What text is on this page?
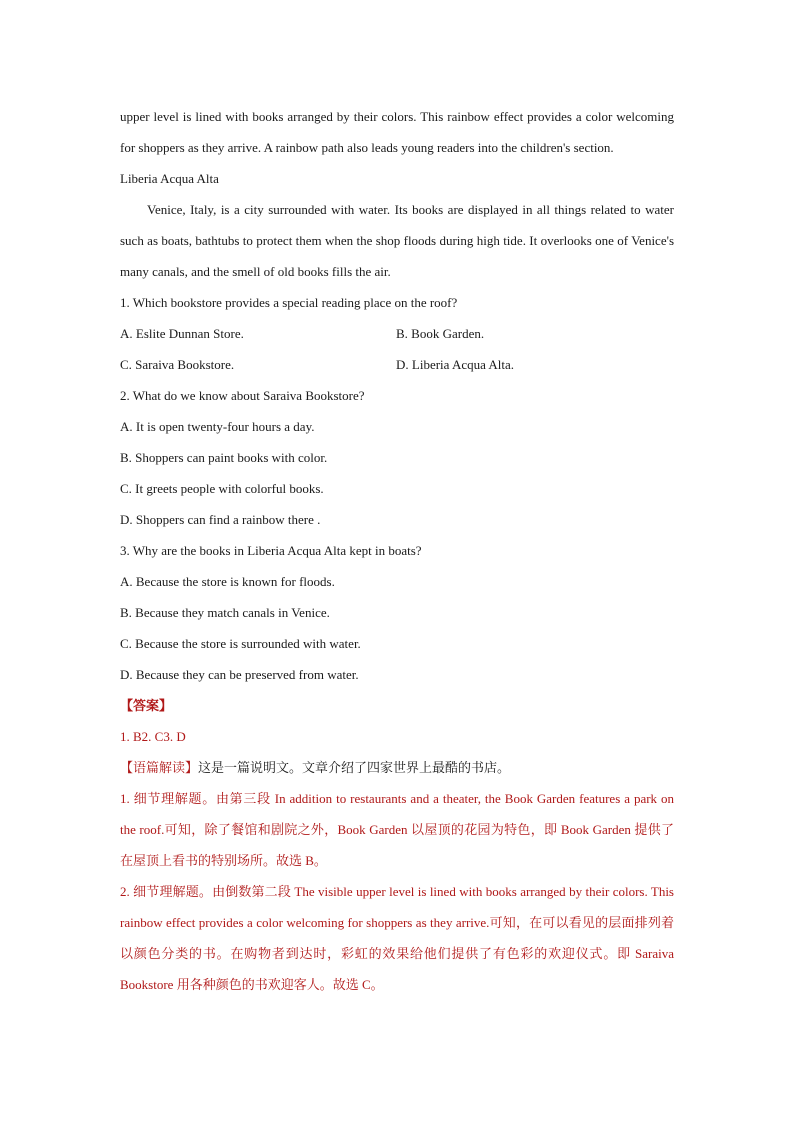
upper level is lined with books arranged by their colors. This rainbow effect provides a color welcoming for shoppers as they arrive. A rainbow path also leads young readers into the children's section.

Liberia Acqua Alta

Venice, Italy, is a city surrounded with water. Its books are displayed in all things related to water such as boats, bathtubs to protect them when the shop floods during high tide. It overlooks one of Venice's many canals, and the smell of old books fills the air.

1. Which bookstore provides a special reading place on the roof?

A. Eslite Dunnan Store.	B. Book Garden.
C. Saraiva Bookstore.	D. Liberia Acqua Alta.

2. What do we know about Saraiva Bookstore?

A. It is open twenty-four hours a day.

B. Shoppers can paint books with color.

C. It greets people with colorful books.

D. Shoppers can find a rainbow there .

3. Why are the books in Liberia Acqua Alta kept in boats?

A. Because the store is known for floods.

B. Because they match canals in Venice.

C. Because the store is surrounded with water.

D. Because they can be preserved from water.

【答案】

1. B2. C3. D

【语篇解读】这是一篇说明文。文章介绍了四家世界上最酷的书店。

1. 细节理解题。由第三段 In addition to restaurants and a theater, the Book Garden features a park on the roof.可知，除了餐馆和剧院之外，Book Garden 以屋顶的花园为特色，即 Book Garden 提供了在屋顶上看书的特别场所。故选 B。

2. 细节理解题。由倒数第二段 The visible upper level is lined with books arranged by their colors. This rainbow effect provides a color welcoming for shoppers as they arrive.可知，在可以看见的层面排列着以颜色分类的书。在购物者到达时，彩虹的效果给他们提供了有色彩的欢迎仪式。即 Saraiva Bookstore 用各种颜色的书欢迎客人。故选 C。
